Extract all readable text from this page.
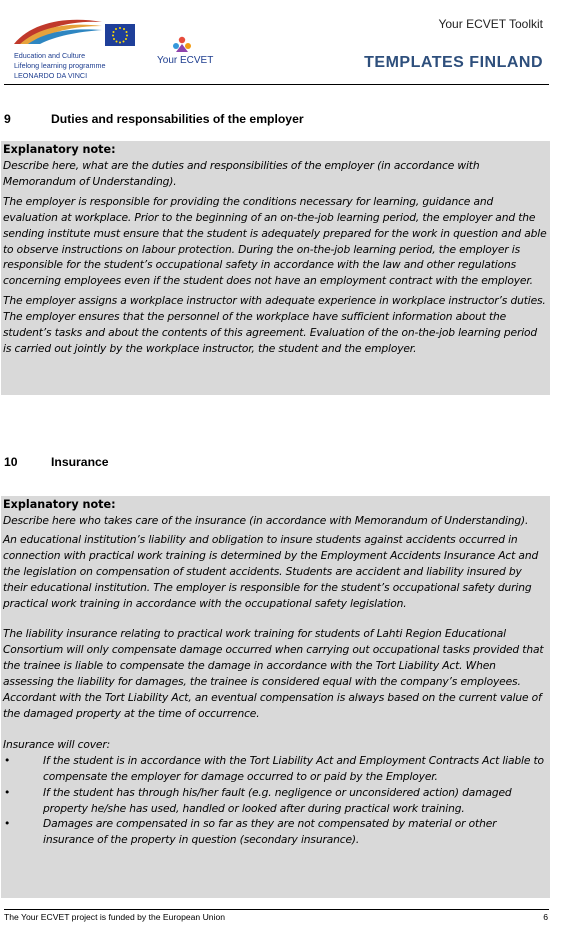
Education and Culture
Lifelong learning programme
LEONARDO DA VINCI
Your ECVET
Your ECVET Toolkit
TEMPLATES FINLAND
9	Duties and responsabilities of the employer
Explanatory note:

Describe here, what are the duties and responsibilities of the employer (in accordance with Memorandum of Understanding).

The employer is responsible for providing the conditions necessary for learning, guidance and evaluation at workplace. Prior to the beginning of an on-the-job learning period, the employer and the sending institute must ensure that the student is adequately prepared for the work in question and able to observe instructions on labour protection. During the on-the-job learning period, the employer is responsible for the student’s occupational safety in accordance with the law and other regulations concerning employees even if the student does not have an employment contract with the employer.

The employer assigns a workplace instructor with adequate experience in workplace instructor’s duties. The employer ensures that the personnel of the workplace have sufficient information about the student’s tasks and about the contents of this agreement. Evaluation of the on-the-job learning period is carried out jointly by the workplace instructor, the student and the employer.

10	Insurance
Explanatory note:

Describe here who takes care of the insurance (in accordance with Memorandum of Understanding).

An educational institution’s liability and obligation to insure students against accidents occurred in connection with practical work training is determined by the Employment Accidents Insurance Act and the legislation on compensation of student accidents. Students are accident and liability insured by their educational institution. The employer is responsible for the student’s occupational safety during practical work training in accordance with the occupational safety legislation.

The liability insurance relating to practical work training for students of Lahti Region Educational Consortium will only compensate damage occurred when carrying out occupational tasks provided that the trainee is liable to compensate the damage in accordance with the Tort Liability Act. When assessing the liability for damages, the trainee is considered equal with the company’s employees. Accordant with the Tort Liability Act, an eventual compensation is always based on the current value of the damaged property at the time of occurrence.

Insurance will cover:

•	If the student is in accordance with the Tort Liability Act and Employment Contracts Act liable to compensate the employer for damage occurred to or paid by the Employer.
•	If the student has through his/her fault (e.g. negligence or unconsidered action) damaged property he/she has used, handled or looked after during practical work training.
•	Damages are compensated in so far as they are not compensated by material or other insurance of the property in question (secondary insurance).
The Your ECVET project is funded by the European Union	6
